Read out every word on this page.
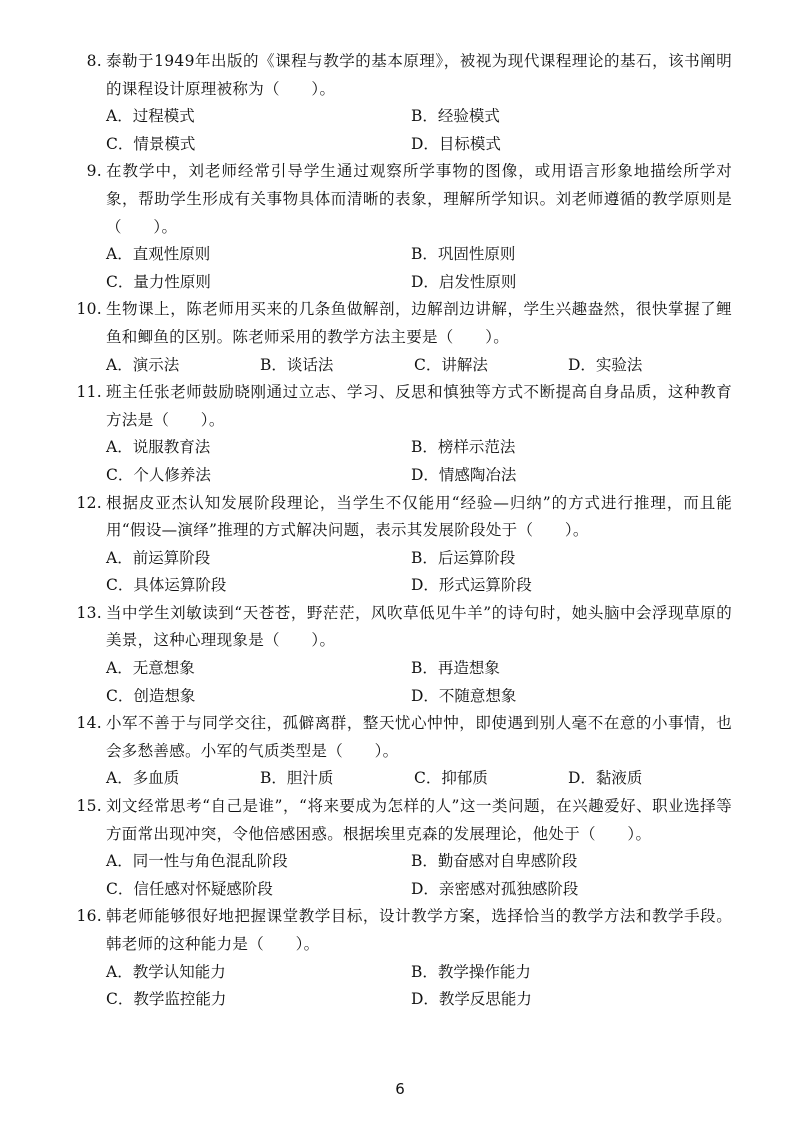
8. 泰勒于1949年出版的《课程与教学的基本原理》，被视为现代课程理论的基石，该书阐明的课程设计原理被称为（　　）。
A．过程模式	B．经验模式
C．情景模式	D．目标模式
9. 在教学中，刘老师经常引导学生通过观察所学事物的图像，或用语言形象地描绘所学对象，帮助学生形成有关事物具体而清晰的表象，理解所学知识。刘老师遵循的教学原则是（　　）。
A．直观性原则	B．巩固性原则
C．量力性原则	D．启发性原则
10. 生物课上，陈老师用买来的几条鱼做解剖，边解剖边讲解，学生兴趣盎然，很快掌握了鲤鱼和鲫鱼的区别。陈老师采用的教学方法主要是（　　）。
A．演示法	B．谈话法	C．讲解法	D．实验法
11. 班主任张老师鼓励晓刚通过立志、学习、反思和慎独等方式不断提高自身品质，这种教育方法是（　　）。
A．说服教育法	B．榜样示范法
C．个人修养法	D．情感陶冶法
12. 根据皮亚杰认知发展阶段理论，当学生不仅能用“经验—归纳”的方式进行推理，而且能用“假设—演绎”推理的方式解决问题，表示其发展阶段处于（　　）。
A．前运算阶段	B．后运算阶段
C．具体运算阶段	D．形式运算阶段
13. 当中学生刘敏读到“天苍苍，野茫茫，风吹草低见牛羊”的诗句时，她头脑中会浮现草原的美景，这种心理现象是（　　）。
A．无意想象	B．再造想象
C．创造想象	D．不随意想象
14. 小军不善于与同学交往，孤僻离群，整天忧心忡忡，即使遇到别人毫不在意的小事情，也会多愁善感。小军的气质类型是（　　）。
A．多血质	B．胆汁质	C．抑郁质	D．黏液质
15. 刘文经常思考“自己是谁”，“将来要成为怎样的人”这一类问题，在兴趣爱好、职业选择等方面常出现冲突，令他倍感困惑。根据埃里克森的发展理论，他处于（　　）。
A．同一性与角色混乱阶段	B．勤奋感对自卑感阶段
C．信任感对怀疑感阶段	D．亲密感对孤独感阶段
16. 韩老师能够很好地把握课堂教学目标，设计教学方案，选择恰当的教学方法和教学手段。韩老师的这种能力是（　　）。
A．教学认知能力	B．教学操作能力
C．教学监控能力	D．教学反思能力
6
